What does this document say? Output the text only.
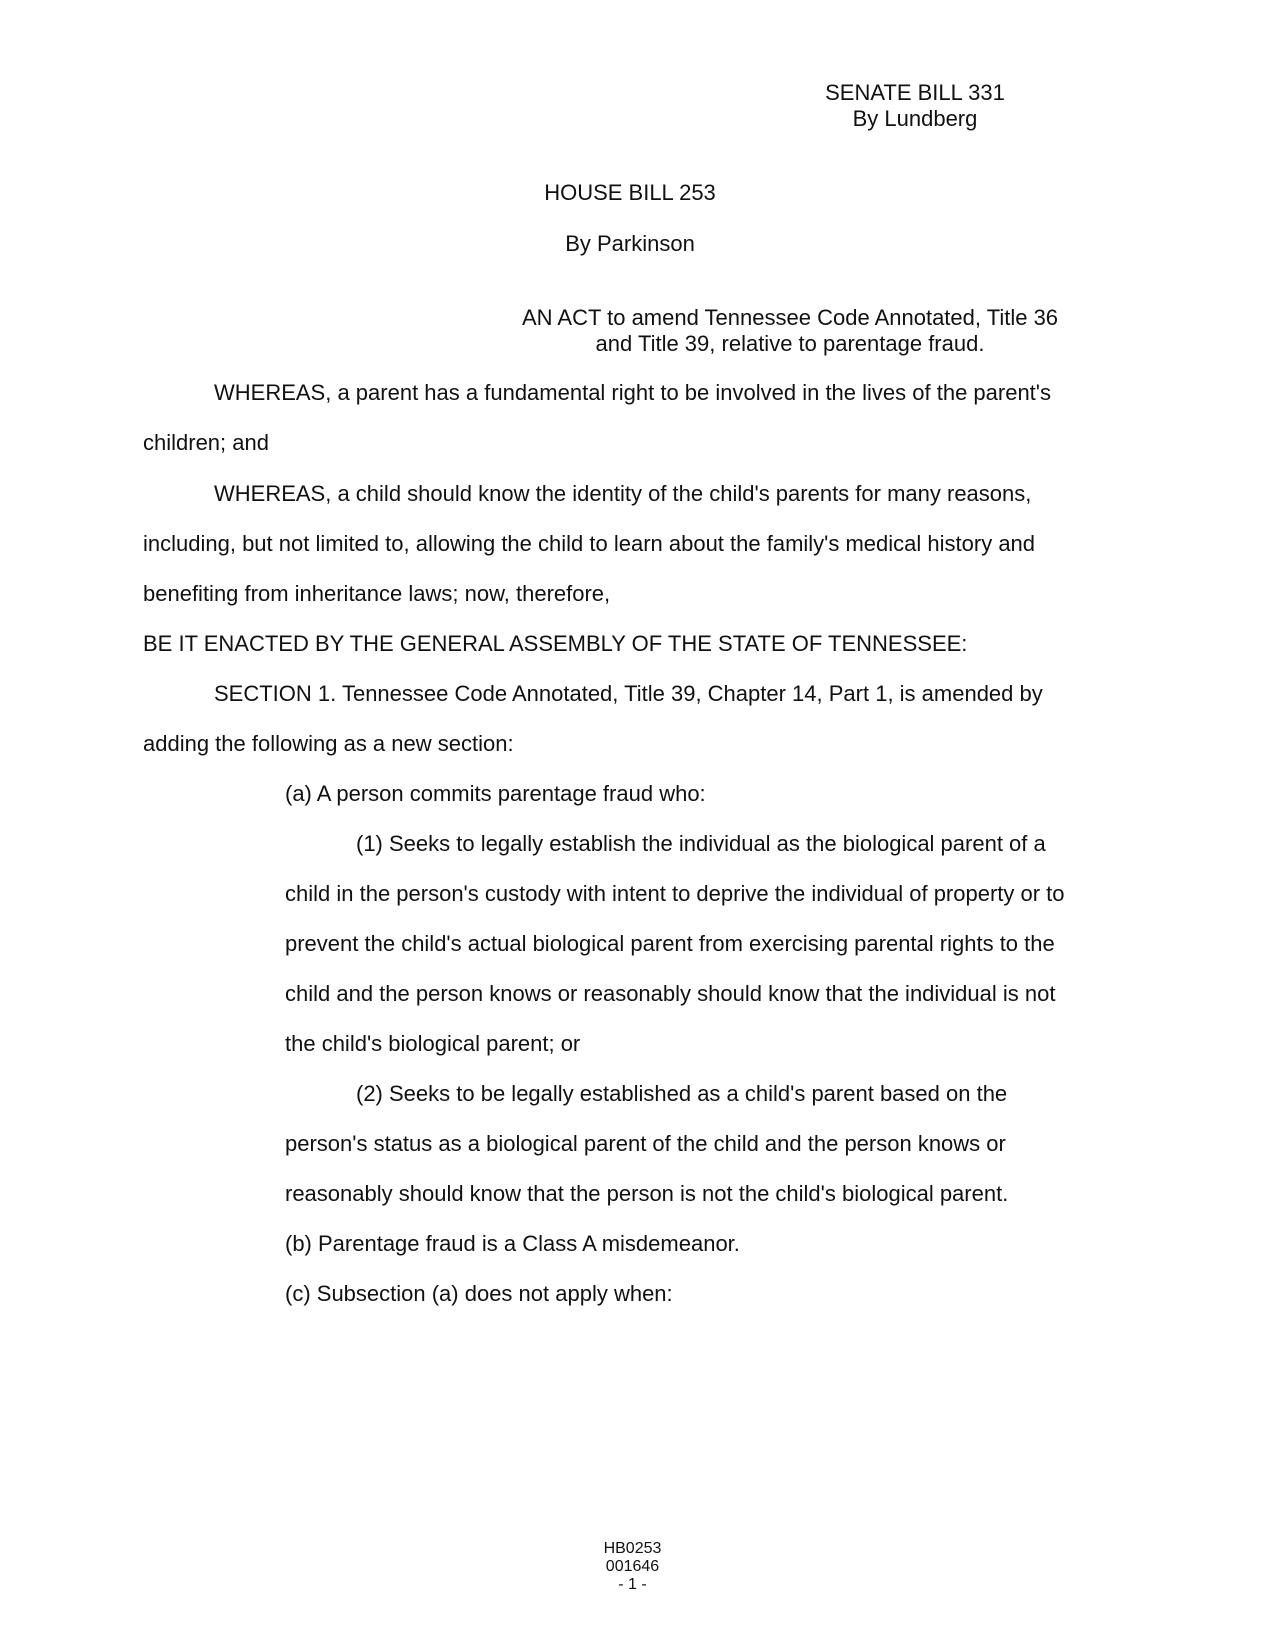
SENATE BILL 331
By Lundberg
HOUSE BILL 253
By Parkinson
AN ACT to amend Tennessee Code Annotated, Title 36
and Title 39, relative to parentage fraud.
WHEREAS, a parent has a fundamental right to be involved in the lives of the parent's
children; and
WHEREAS, a child should know the identity of the child's parents for many reasons,
including, but not limited to, allowing the child to learn about the family's medical history and
benefiting from inheritance laws; now, therefore,
BE IT ENACTED BY THE GENERAL ASSEMBLY OF THE STATE OF TENNESSEE:
SECTION 1. Tennessee Code Annotated, Title 39, Chapter 14, Part 1, is amended by
adding the following as a new section:
(a) A person commits parentage fraud who:
(1) Seeks to legally establish the individual as the biological parent of a
child in the person's custody with intent to deprive the individual of property or to
prevent the child's actual biological parent from exercising parental rights to the
child and the person knows or reasonably should know that the individual is not
the child's biological parent; or
(2) Seeks to be legally established as a child's parent based on the
person's status as a biological parent of the child and the person knows or
reasonably should know that the person is not the child's biological parent.
(b) Parentage fraud is a Class A misdemeanor.
(c) Subsection (a) does not apply when:
HB0253
001646
- 1 -
